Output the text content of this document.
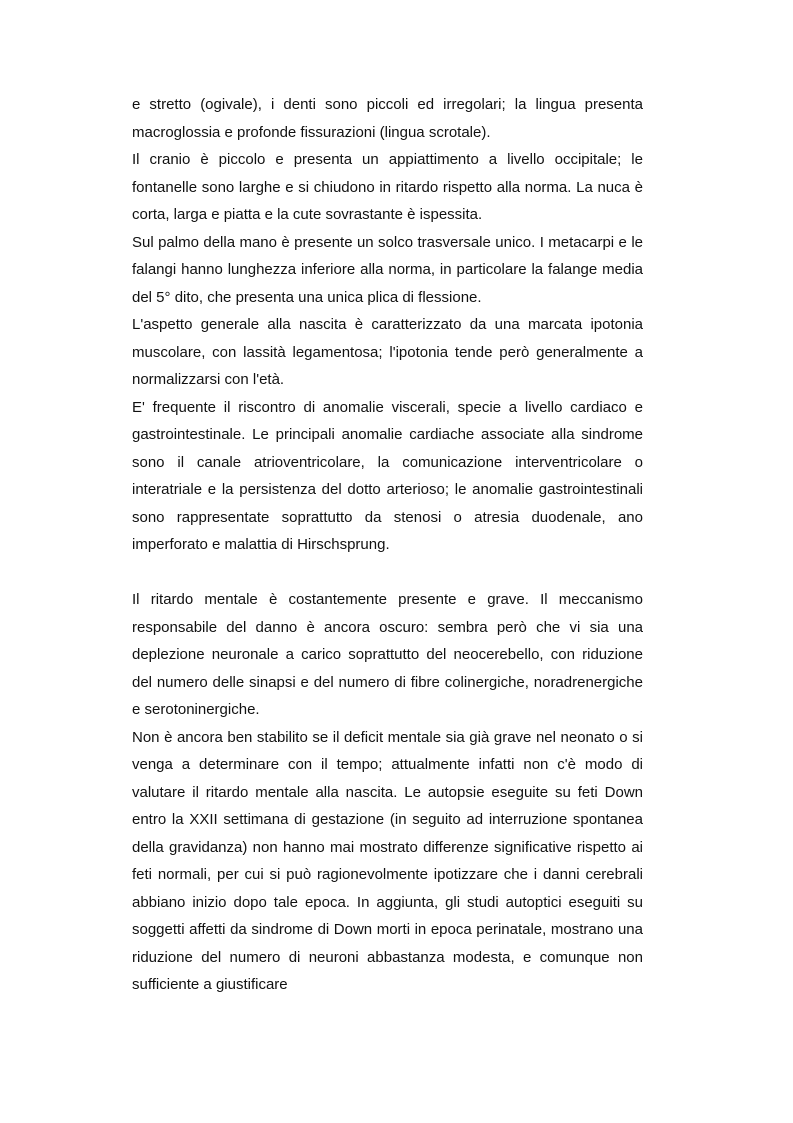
e stretto (ogivale), i denti sono piccoli ed irregolari; la lingua presenta macroglossia e profonde fissurazioni (lingua scrotale).

Il cranio è piccolo e presenta un appiattimento a livello occipitale; le fontanelle sono larghe e si chiudono in ritardo rispetto alla norma. La nuca è corta, larga e piatta e la cute sovrastante è ispessita.

Sul palmo della mano è presente un solco trasversale unico. I metacarpi e le falangi hanno lunghezza inferiore alla norma, in particolare la falange media del 5° dito, che presenta una unica plica di flessione.

L'aspetto generale alla nascita è caratterizzato da una marcata ipotonia muscolare, con lassità legamentosa; l'ipotonia tende però generalmente a normalizzarsi con l'età.

E' frequente il riscontro di anomalie viscerali, specie a livello cardiaco e gastrointestinale. Le principali anomalie cardiache associate alla sindrome sono il canale atrioventricolare, la comunicazione interventricolare o interatriale e la persistenza del dotto arterioso; le anomalie gastrointestinali sono rappresentate soprattutto da stenosi o atresia duodenale, ano imperforato e malattia di Hirschsprung.

Il ritardo mentale è costantemente presente e grave. Il meccanismo responsabile del danno è ancora oscuro: sembra però che vi sia una deplezione neuronale a carico soprattutto del neocerebello, con riduzione del numero delle sinapsi e del numero di fibre colinergiche, noradrenergiche e serotoninergiche.

Non è ancora ben stabilito se il deficit mentale sia già grave nel neonato o si venga a determinare con il tempo; attualmente infatti non c'è modo di valutare il ritardo mentale alla nascita. Le autopsie eseguite su feti Down entro la XXII settimana di gestazione (in seguito ad interruzione spontanea della gravidanza) non hanno mai mostrato differenze significative rispetto ai feti normali, per cui si può ragionevolmente ipotizzare che i danni cerebrali abbiano inizio dopo tale epoca. In aggiunta, gli studi autoptici eseguiti su soggetti affetti da sindrome di Down morti in epoca perinatale, mostrano una riduzione del numero di neuroni abbastanza modesta, e comunque non sufficiente a giustificare
